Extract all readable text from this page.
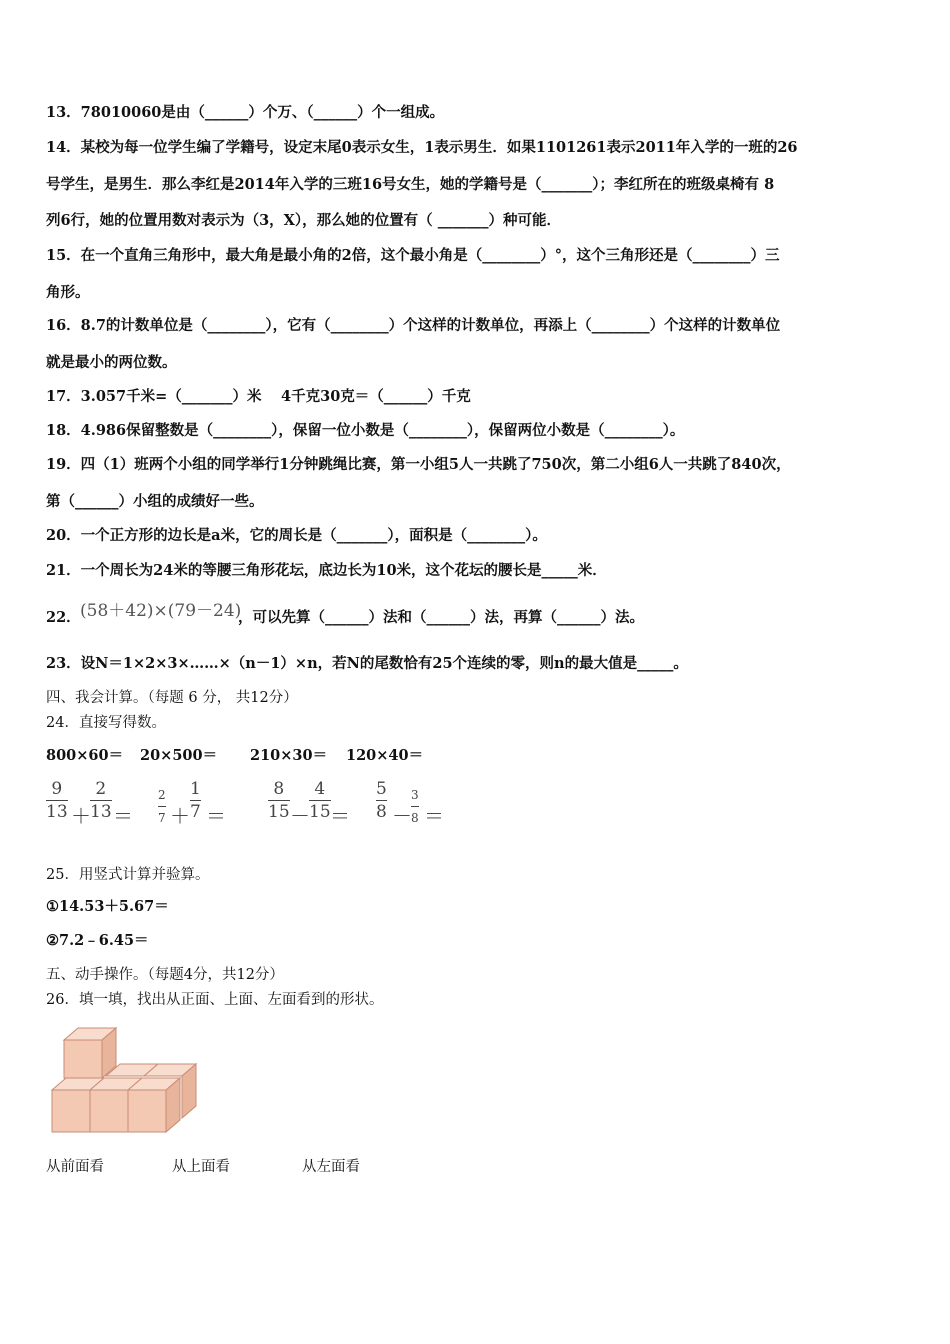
13．78010060是由（______）个万、（______）个一组成。
14．某校为每一位学生编了学籍号，设定末尾0表示女生，1表示男生．如果1101261表示2011年入学的一班的26
号学生，是男生．那么李红是2014年入学的三班16号女生，她的学籍号是（_______）；李红所在的班级桌椅有 8
列6行，她的位置用数对表示为（3，X），那么她的位置有（ _______）种可能．
15．在一个直角三角形中，最大角是最小角的2倍，这个最小角是（________）°，这个三角形还是（________）三
角形。
16．8.7的计数单位是（________），它有（________）个这样的计数单位，再添上（________）个这样的计数单位
就是最小的两位数。
17．3.057千米=（_______）米　 4千克30克＝（______）千克
18．4.986保留整数是（________），保留一位小数是（________），保留两位小数是（________）。
19．四（1）班两个小组的同学举行1分钟跳绳比赛，第一小组5人一共跳了750次，第二小组6人一共跳了840次，
第（______）小组的成绩好一些。
20．一个正方形的边长是a米，它的周长是（_______），面积是（________）。
21．一个周长为24米的等腰三角形花坛，底边长为10米，这个花坛的腰长是_____米．
22． (58＋42)×(79－24)
，可以先算（______）法和（______）法，再算（______）法。
23．设N＝1×2×3×……×（n－1）×n，若N的尾数恰有25个连续的零，则n的最大值是_____。
四、我会计算。（每题 6 分， 共12分）
24．直接写得数。
800×60＝ 20×500＝ 210×30＝ 120×40＝
9
13 ＋
2
13 ＝
2
7 ＋
1
7 ＝
8
15 －
4
15 ＝
5
8 －
3
8 ＝
25．用竖式计算并验算。
①14.53＋5.67＝
②7.2﹣6.45＝
五、动手操作。（每题4分，共12分）
26．填一填，找出从正面、上面、左面看到的形状。
从前面看	从上面看	从左面看
